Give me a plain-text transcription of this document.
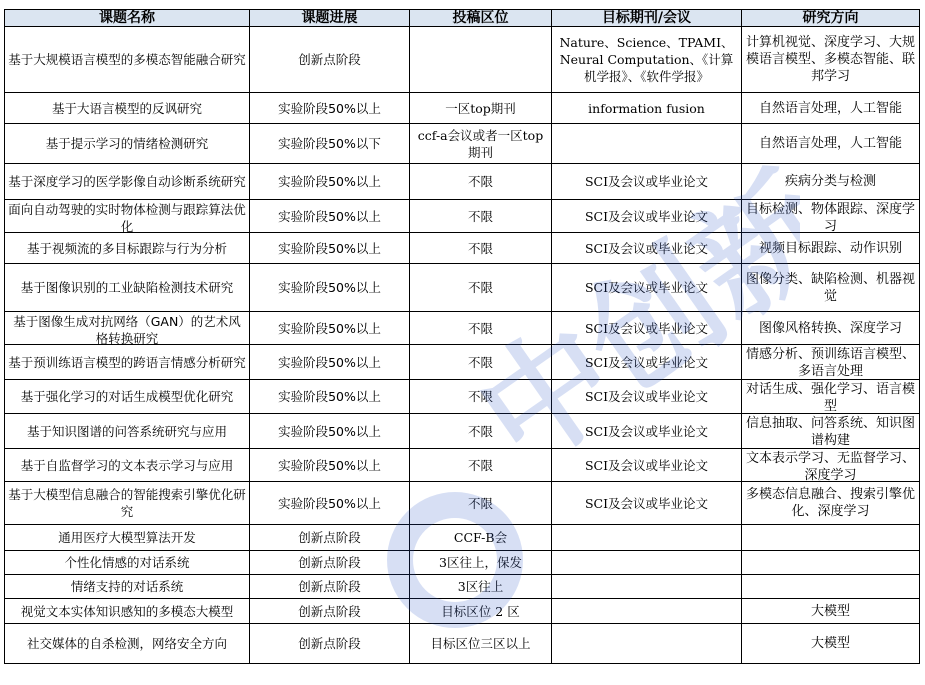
课题名称	课题进展	投稿区位	目标期刊/会议	研究方向

基于大规模语言模型的多模态智能融合研究	创新点阶段		Nature、Science、TPAMI、Neural Computation、《计算机学报》、《软件学报》	计算机视觉、深度学习、大规模语言模型、多模态智能、联邦学习

基于大语言模型的反讽研究	实验阶段50%以上	一区top期刊	information fusion	自然语言处理，人工智能

基于提示学习的情绪检测研究	实验阶段50%以下	ccf-a会议或者一区top期刊		自然语言处理，人工智能

基于深度学习的医学影像自动诊断系统研究	实验阶段50%以上	不限	SCI及会议或毕业论文	疾病分类与检测

面向自动驾驶的实时物体检测与跟踪算法优化	实验阶段50%以上	不限	SCI及会议或毕业论文	目标检测、物体跟踪、深度学习

基于视频流的多目标跟踪与行为分析	实验阶段50%以上	不限	SCI及会议或毕业论文	视频目标跟踪、动作识别

基于图像识别的工业缺陷检测技术研究	实验阶段50%以上	不限	SCI及会议或毕业论文	图像分类、缺陷检测、机器视觉

基于图像生成对抗网络（GAN）的艺术风格转换研究	实验阶段50%以上	不限	SCI及会议或毕业论文	图像风格转换、深度学习

基于预训练语言模型的跨语言情感分析研究	实验阶段50%以上	不限	SCI及会议或毕业论文	情感分析、预训练语言模型、多语言处理

基于强化学习的对话生成模型优化研究	实验阶段50%以上	不限	SCI及会议或毕业论文	对话生成、强化学习、语言模型

基于知识图谱的问答系统研究与应用	实验阶段50%以上	不限	SCI及会议或毕业论文	信息抽取、问答系统、知识图谱构建

基于自监督学习的文本表示学习与应用	实验阶段50%以上	不限	SCI及会议或毕业论文	文本表示学习、无监督学习、深度学习

基于大模型信息融合的智能搜索引擎优化研究	实验阶段50%以上	不限	SCI及会议或毕业论文	多模态信息融合、搜索引擎优化、深度学习

通用医疗大模型算法开发	创新点阶段	CCF-B会		

个性化情感的对话系统	创新点阶段	3区往上，保发		

情绪支持的对话系统	创新点阶段	3区往上		

视觉文本实体知识感知的多模态大模型	创新点阶段	目标区位 2 区		大模型

社交媒体的自杀检测，网络安全方向	创新点阶段	目标区位三区以上		大模型
中创新
